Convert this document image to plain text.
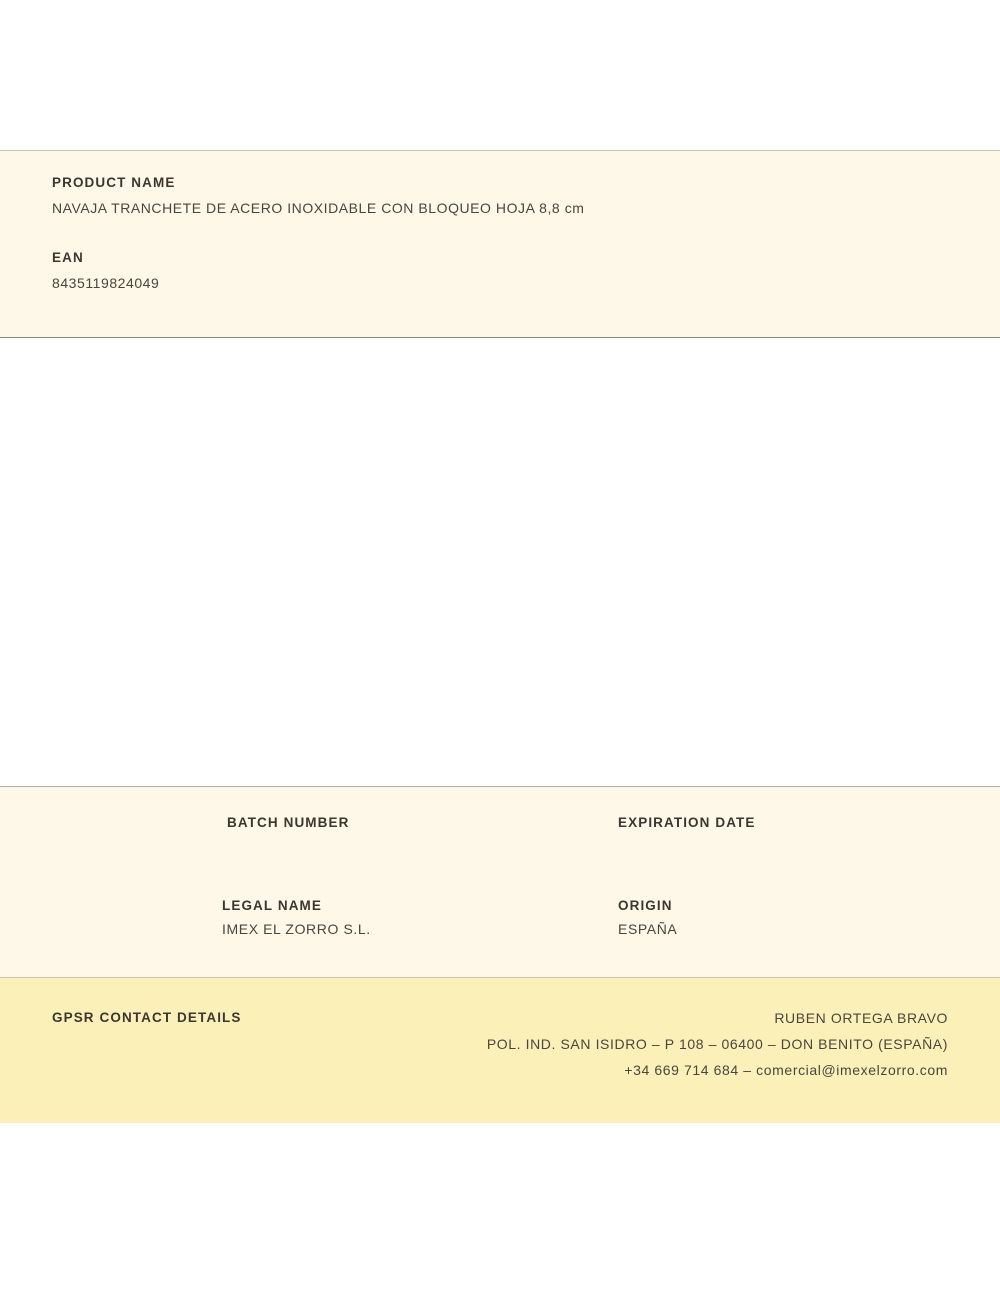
PRODUCT NAME

NAVAJA TRANCHETE DE ACERO INOXIDABLE CON BLOQUEO HOJA 8,8 cm

EAN

8435119824049

BATCH NUMBER	EXPIRATION DATE

LEGAL NAME

IMEX EL ZORRO S.L.

ORIGIN

ESPAÑA

GPSR CONTACT DETAILS	RUBEN ORTEGA BRAVO
POL. IND. SAN ISIDRO – P 108 – 06400 – DON BENITO (ESPAÑA)
+34 669 714 684 – comercial@imexelzorro.com
